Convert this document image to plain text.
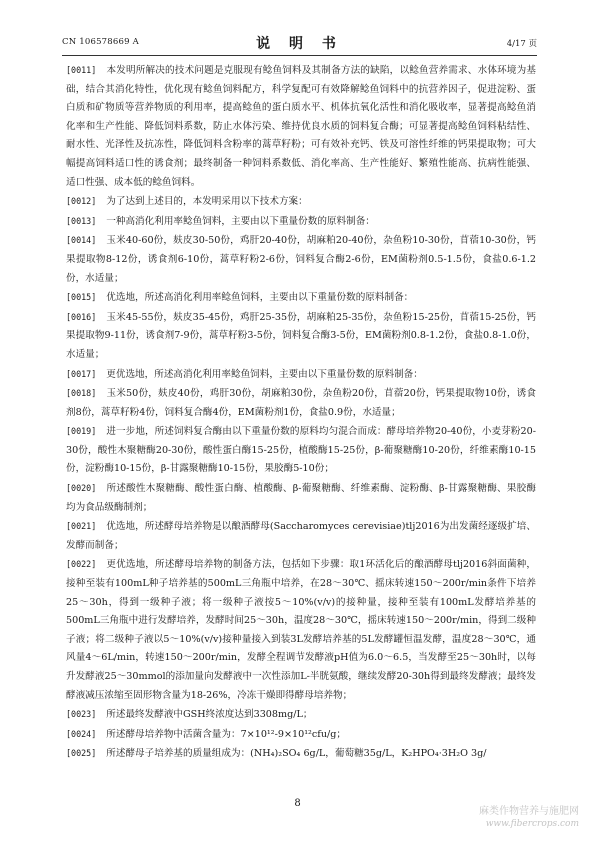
CN 106578669 A	说 明 书	4/17 页

[0011] 本发明所解决的技术问题是克服现有鲶鱼饲料及其制备方法的缺陷，以鲶鱼营养需求、水体环境为基础，结合其消化特性，优化现有鲶鱼饲料配方，科学复配可有效降解鲶鱼饲料中的抗营养因子，促进淀粉、蛋白质和矿物质等营养物质的利用率，提高鲶鱼的蛋白质水平、机体抗氧化活性和消化吸收率，显著提高鲶鱼消化率和生产性能、降低饲料系数，防止水体污染、维持优良水质的饲料复合酶；可显著提高鲶鱼饲料粘结性、耐水性、光泽性及抗冻性，降低饲料含粉率的蒿草籽粉；可有效补充钙、铁及可溶性纤维的钙果提取物；可大幅提高饲料适口性的诱食剂；最终制备一种饲料系数低、消化率高、生产性能好、繁殖性能高、抗病性能强、适口性强、成本低的鲶鱼饲料。

[0012] 为了达到上述目的，本发明采用以下技术方案：

[0013] 一种高消化利用率鲶鱼饲料，主要由以下重量份数的原料制备：

[0014] 玉米40-60份，麸皮30-50份，鸡肝20-40份，胡麻粕20-40份，杂鱼粉10-30份，苜蓿10-30份，钙果提取物8-12份，诱食剂6-10份，蒿草籽粉2-6份，饲料复合酶2-6份，EM菌粉剂0.5-1.5份，食盐0.6-1.2份，水适量；

[0015] 优选地，所述高消化利用率鲶鱼饲料，主要由以下重量份数的原料制备：

[0016] 玉米45-55份，麸皮35-45份，鸡肝25-35份，胡麻粕25-35份，杂鱼粉15-25份，苜蓿15-25份，钙果提取物9-11份，诱食剂7-9份，蒿草籽粉3-5份，饲料复合酶3-5份，EM菌粉剂0.8-1.2份，食盐0.8-1.0份，水适量；

[0017] 更优选地，所述高消化利用率鲶鱼饲料，主要由以下重量份数的原料制备：

[0018] 玉米50份，麸皮40份，鸡肝30份，胡麻粕30份，杂鱼粉20份，苜蓿20份，钙果提取物10份，诱食剂8份，蒿草籽粉4份，饲料复合酶4份，EM菌粉剂1份，食盐0.9份，水适量；

[0019] 进一步地，所述饲料复合酶由以下重量份数的原料均匀混合而成：酵母培养物20-40份，小麦芽粉20-30份，酸性木聚糖酶20-30份，酸性蛋白酶15-25份，植酸酶15-25份，β-葡聚糖酶10-20份，纤维素酶10-15份，淀粉酶10-15份，β-甘露聚糖酶10-15份，果胶酶5-10份；

[0020] 所述酸性木聚糖酶、酸性蛋白酶、植酸酶、β-葡聚糖酶、纤维素酶、淀粉酶、β-甘露聚糖酶、果胶酶均为食品级酶制剂；

[0021] 优选地，所述酵母培养物是以酿酒酵母(Saccharomyces cerevisiae)tlj2016为出发菌经逐级扩培、发酵而制备；

[0022] 更优选地，所述酵母培养物的制备方法，包括如下步骤：取1环活化后的酿酒酵母tlj2016斜面菌种，接种至装有100mL种子培养基的500mL三角瓶中培养，在28～30℃、摇床转速150～200r/min条件下培养25～30h，得到一级种子液；将一级种子液按5～10%(v/v)的接种量，接种至装有100mL发酵培养基的500mL三角瓶中进行发酵培养，发酵时间25～30h，温度28～30℃，摇床转速150～200r/min，得到二级种子液；将二级种子液以5～10%(v/v)接种量接入到装3L发酵培养基的5L发酵罐恒温发酵，温度28～30℃，通风量4～6L/min，转速150～200r/min，发酵全程调节发酵液pH值为6.0～6.5，当发酵至25～30h时，以每升发酵液25～30mmol的添加量向发酵液中一次性添加L-半胱氨酸，继续发酵20-30h得到最终发酵液；最终发酵液减压浓缩至固形物含量为18-26%，冷冻干燥即得酵母培养物；

[0023] 所述最终发酵液中GSH终浓度达到3308mg/L；

[0024] 所述酵母培养物中活菌含量为：7×10¹²-9×10¹²cfu/g；

[0025] 所述酵母子培养基的质量组成为：(NH₄)₂SO₄ 6g/L，葡萄糖35g/L，K₂HPO₄·3H₂O 3g/

8
麻类作物营养与施肥网
www.fibercrops.com
